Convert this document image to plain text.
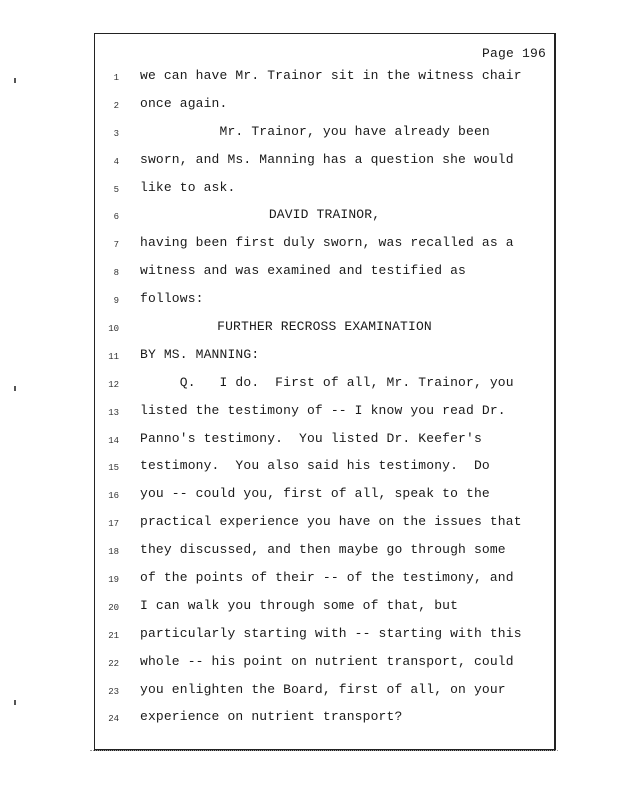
Page 196
1 we can have Mr. Trainor sit in the witness chair
2 once again.
3 Mr. Trainor, you have already been
4 sworn, and Ms. Manning has a question she would
5 like to ask.
6	DAVID TRAINOR,
7 having been first duly sworn, was recalled as a
8 witness and was examined and testified as
9 follows:
10	FURTHER RECROSS EXAMINATION
11 BY MS. MANNING:
12 Q.   I do.  First of all, Mr. Trainor, you
13 listed the testimony of -- I know you read Dr.
14 Panno's testimony.  You listed Dr. Keefer's
15 testimony.  You also said his testimony.  Do
16 you -- could you, first of all, speak to the
17 practical experience you have on the issues that
18 they discussed, and then maybe go through some
19 of the points of their -- of the testimony, and
20 I can walk you through some of that, but
21 particularly starting with -- starting with this
22 whole -- his point on nutrient transport, could
23 you enlighten the Board, first of all, on your
24 experience on nutrient transport?
